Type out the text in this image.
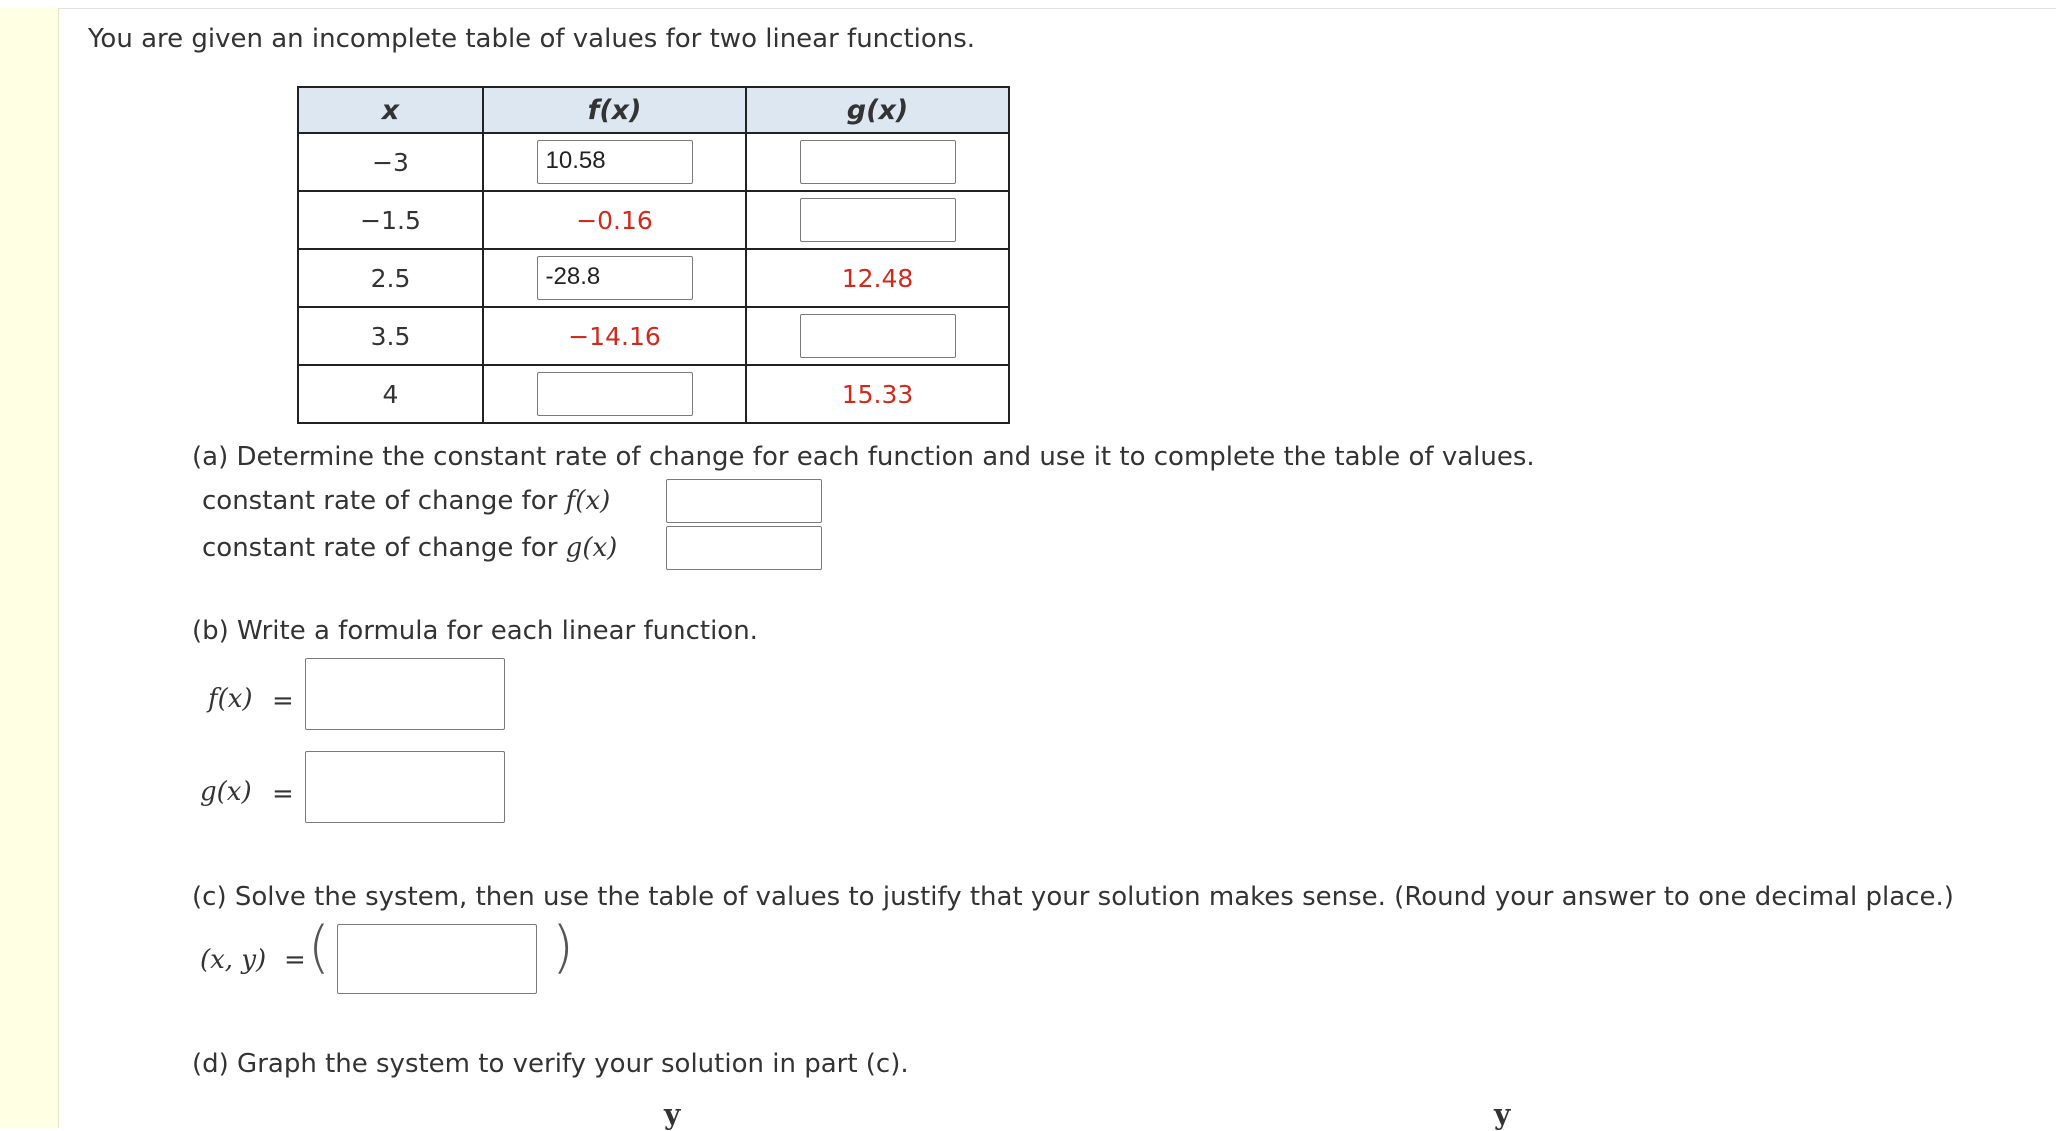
You are given an incomplete table of values for two linear functions.
x	f(x)	g(x)
−3	10.58	
−1.5	−0.16	
2.5	-28.8	12.48
3.5	−14.16	
4		15.33
(a) Determine the constant rate of change for each function and use it to complete the table of values.
constant rate of change for f(x)
constant rate of change for g(x)
(b) Write a formula for each linear function.
f(x) =
g(x) =
(c) Solve the system, then use the table of values to justify that your solution makes sense. (Round your answer to one decimal place.)
(x, y) = (	)
(d) Graph the system to verify your solution in part (c).
y	y
